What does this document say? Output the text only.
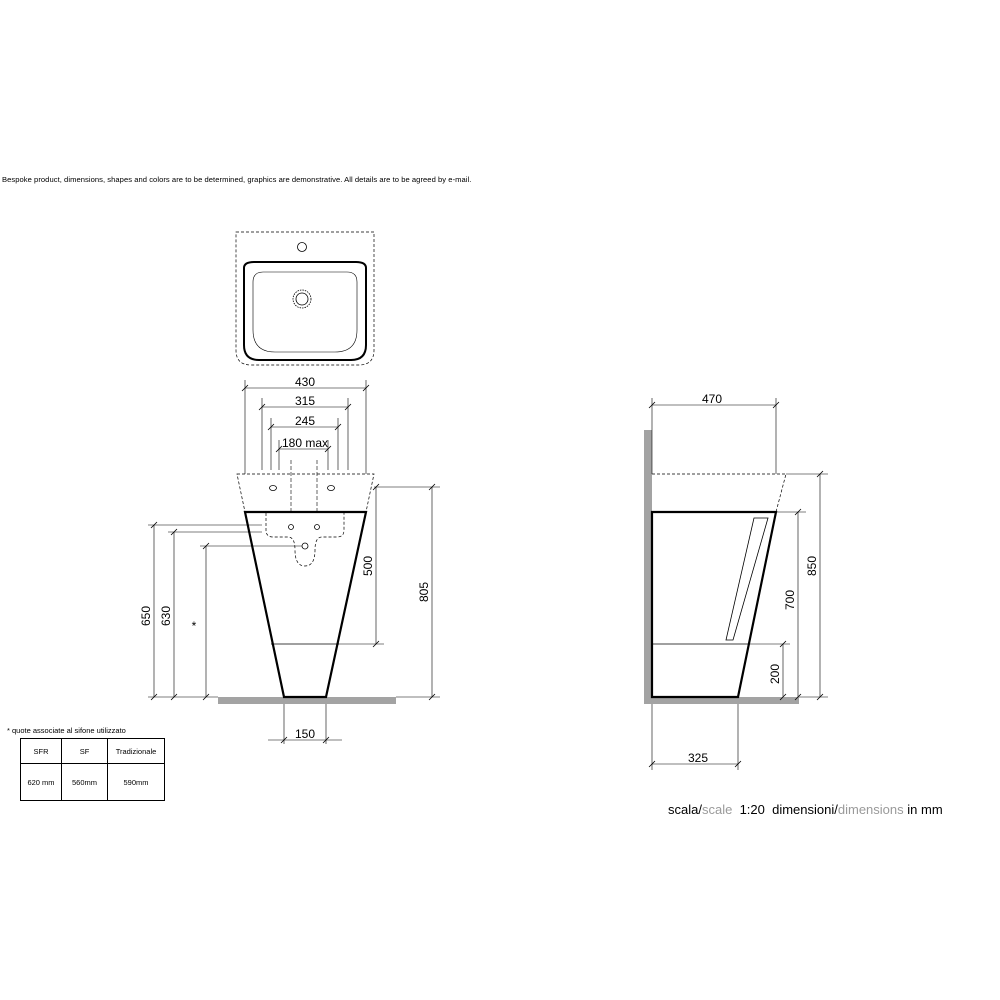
Bespoke product, dimensions, shapes and colors are to be determined, graphics are demonstrative. All details are to be agreed by e-mail.
430
315
245
180 max
805
500
650 630 *
150
470
850
700
200
325
* quote associate al sifone utilizzato
SFR	SF	Tradizionale
620 mm	560mm	590mm
scala/scale 1:20 dimensioni/dimensions in mm
